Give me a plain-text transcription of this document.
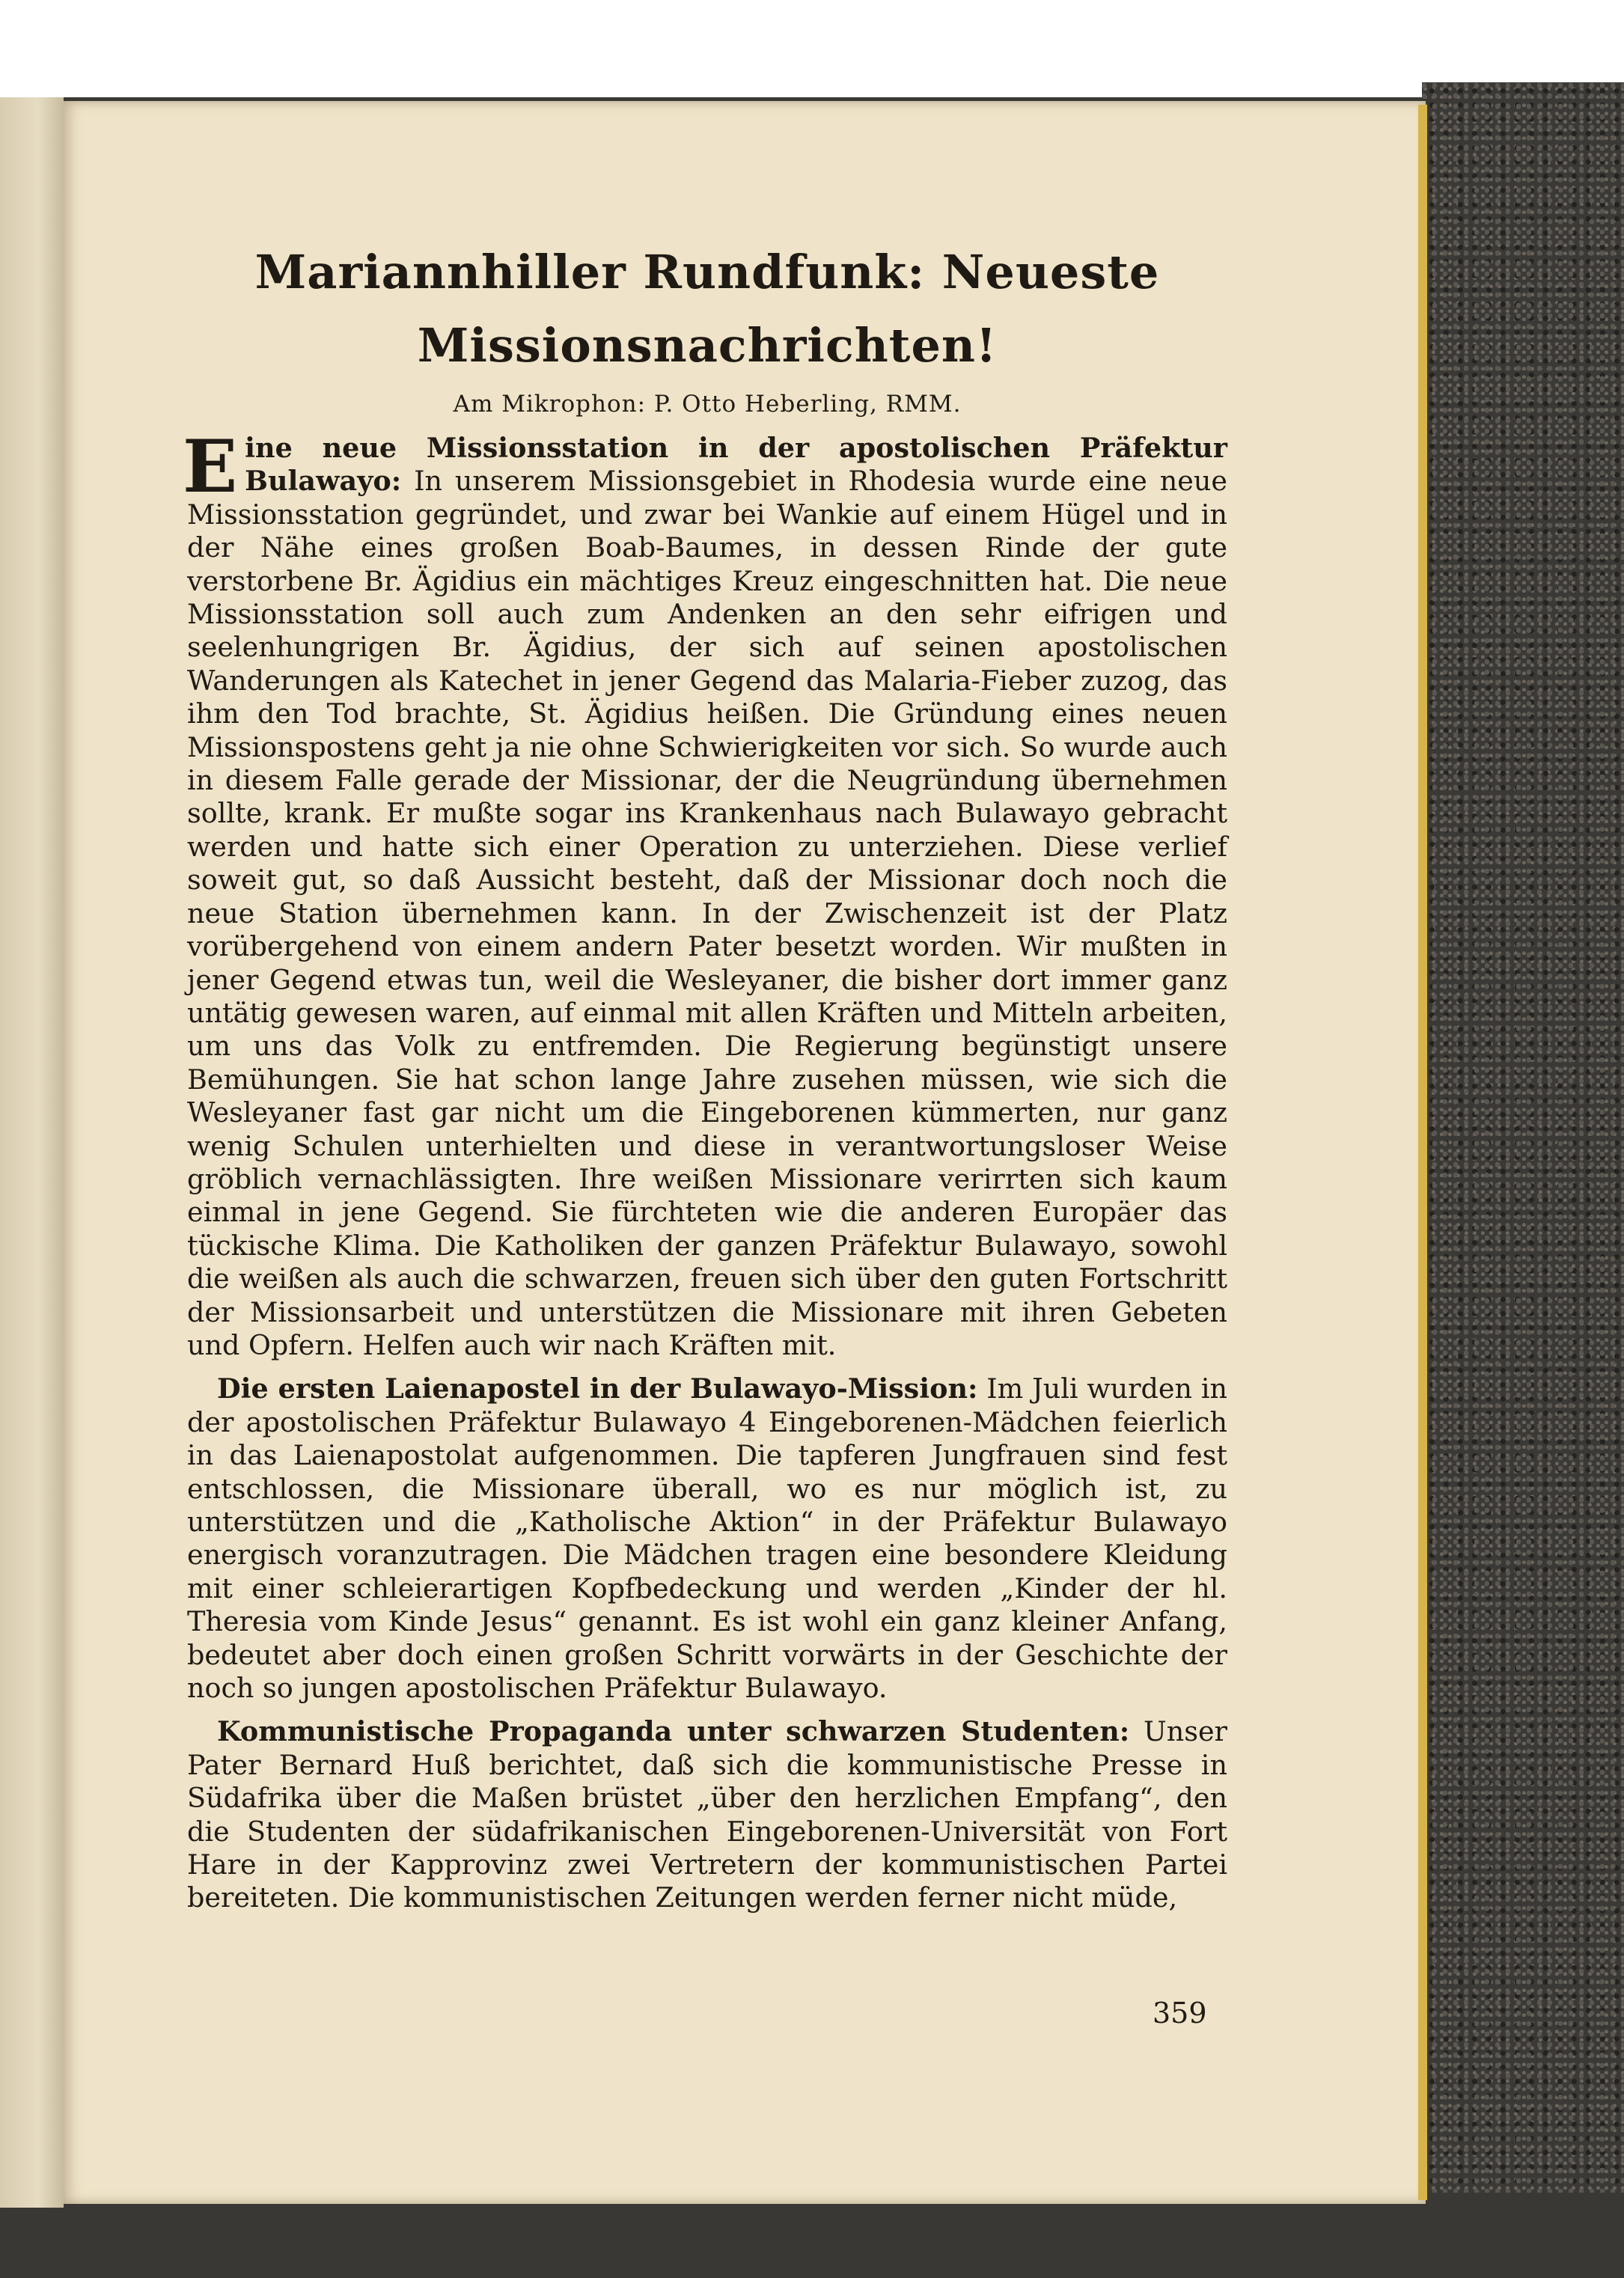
Mariannhiller Rundfunk: Neueste Missionsnachrichten!
Am Mikrophon: P. Otto Heberling, RMM.

Eine neue Missionsstation in der apostolischen Präfektur Bulawayo: In unserem Missionsgebiet in Rhodesia wurde eine neue Missionsstation gegründet, und zwar bei Wankie auf einem Hügel und in der Nähe eines großen Boab-Baumes, in dessen Rinde der gute verstorbene Br. Ägidius ein mächtiges Kreuz eingeschnitten hat. Die neue Missionsstation soll auch zum Andenken an den sehr eifrigen und seelenhungrigen Br. Ägidius, der sich auf seinen apostolischen Wanderungen als Katechet in jener Gegend das Malaria-Fieber zuzog, das ihm den Tod brachte, St. Ägidius heißen. Die Gründung eines neuen Missionspostens geht ja nie ohne Schwierigkeiten vor sich. So wurde auch in diesem Falle gerade der Missionar, der die Neugründung übernehmen sollte, krank. Er mußte sogar ins Krankenhaus nach Bulawayo gebracht werden und hatte sich einer Operation zu unterziehen. Diese verlief soweit gut, so daß Aussicht besteht, daß der Missionar doch noch die neue Station übernehmen kann. In der Zwischenzeit ist der Platz vorübergehend von einem andern Pater besetzt worden. Wir mußten in jener Gegend etwas tun, weil die Wesleyaner, die bisher dort immer ganz untätig gewesen waren, auf einmal mit allen Kräften und Mitteln arbeiten, um uns das Volk zu entfremden. Die Regierung begünstigt unsere Bemühungen. Sie hat schon lange Jahre zusehen müssen, wie sich die Wesleyaner fast gar nicht um die Eingeborenen kümmerten, nur ganz wenig Schulen unterhielten und diese in verantwortungsloser Weise gröblich vernachlässigten. Ihre weißen Missionare verirrten sich kaum einmal in jene Gegend. Sie fürchteten wie die anderen Europäer das tückische Klima. Die Katholiken der ganzen Präfektur Bulawayo, sowohl die weißen als auch die schwarzen, freuen sich über den guten Fortschritt der Missionsarbeit und unterstützen die Missionare mit ihren Gebeten und Opfern. Helfen auch wir nach Kräften mit.

Die ersten Laienapostel in der Bulawayo-Mission: Im Juli wurden in der apostolischen Präfektur Bulawayo 4 Eingeborenen-Mädchen feierlich in das Laienapostolat aufgenommen. Die tapferen Jungfrauen sind fest entschlossen, die Missionare überall, wo es nur möglich ist, zu unterstützen und die „Katholische Aktion“ in der Präfektur Bulawayo energisch voranzutragen. Die Mädchen tragen eine besondere Kleidung mit einer schleierartigen Kopfbedeckung und werden „Kinder der hl. Theresia vom Kinde Jesus“ genannt. Es ist wohl ein ganz kleiner Anfang, bedeutet aber doch einen großen Schritt vorwärts in der Geschichte der noch so jungen apostolischen Präfektur Bulawayo.

Kommunistische Propaganda unter schwarzen Studenten: Unser Pater Bernard Huß berichtet, daß sich die kommunistische Presse in Südafrika über die Maßen brüstet „über den herzlichen Empfang“, den die Studenten der südafrikanischen Eingeborenen-Universität von Fort Hare in der Kapprovinz zwei Vertretern der kommunistischen Partei bereiteten. Die kommunistischen Zeitungen werden ferner nicht müde,

359
